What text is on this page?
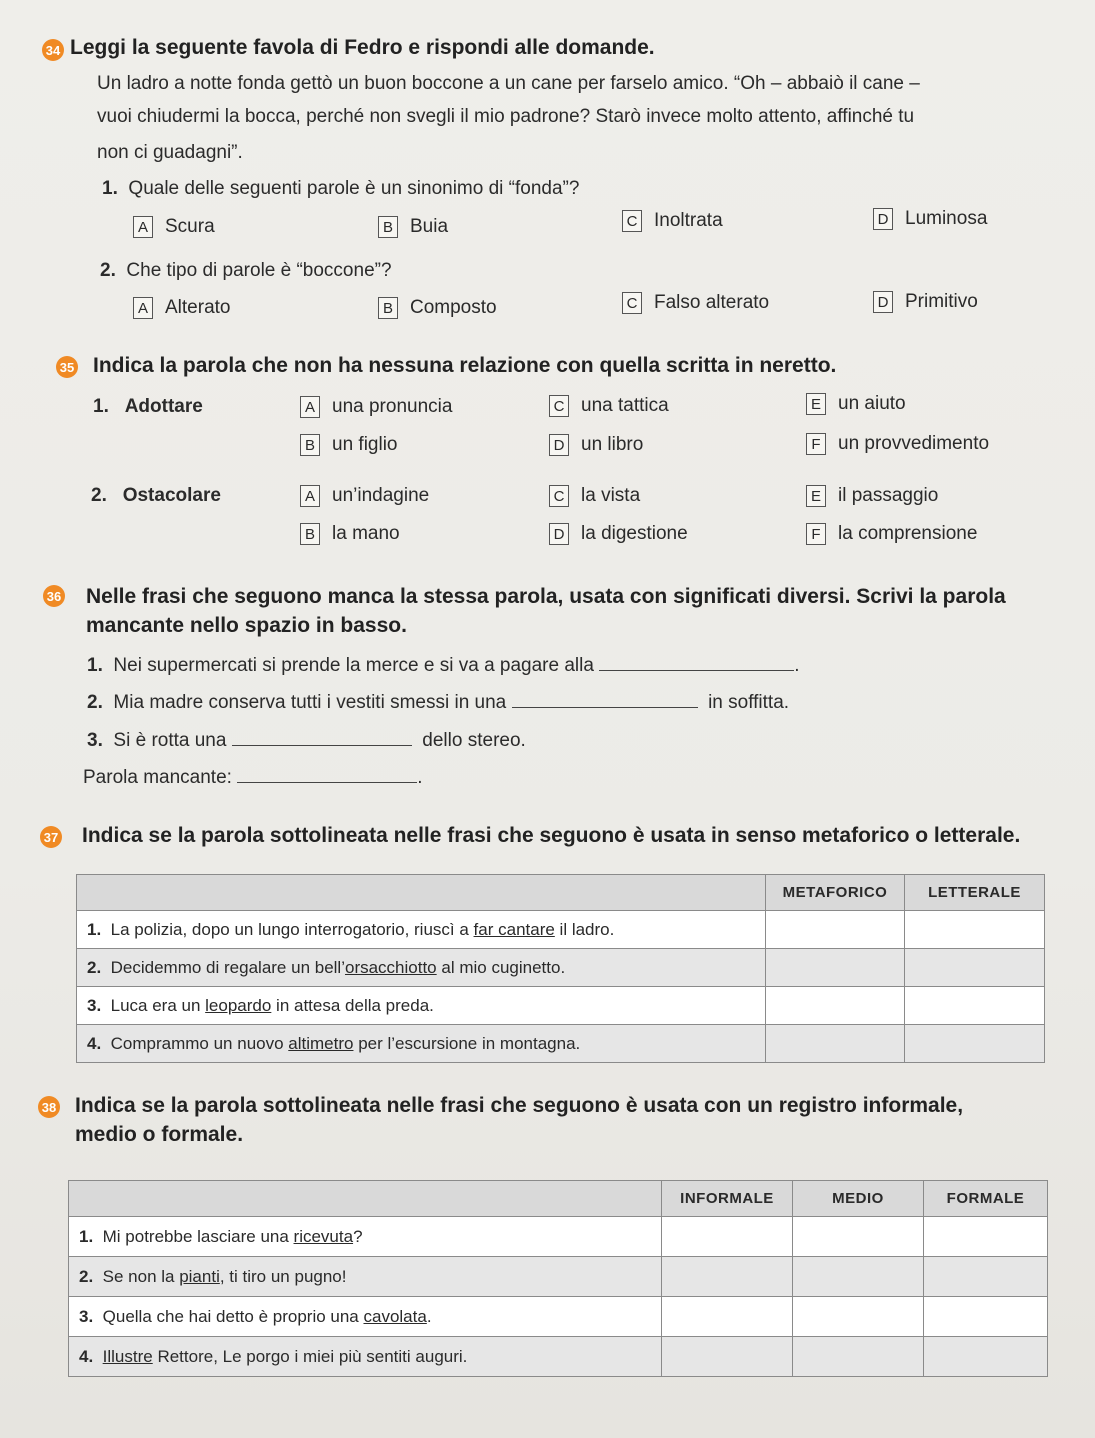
34 Leggi la seguente favola di Fedro e rispondi alle domande.
Un ladro a notte fonda gettò un buon boccone a un cane per farselo amico. “Oh – abbaiò il cane –
vuoi chiudermi la bocca, perché non svegli il mio padrone? Starò invece molto attento, affinché tu
non ci guadagni”.
1. Quale delle seguenti parole è un sinonimo di “fonda”?
A Scura	B Buia	C Inoltrata	D Luminosa
2. Che tipo di parole è “boccone”?
A Alterato	B Composto	C Falso alterato	D Primitivo
35 Indica la parola che non ha nessuna relazione con quella scritta in neretto.
1. Adottare	A una pronuncia	C una tattica	E un aiuto
B un figlio	D un libro	F un provvedimento
2. Ostacolare	A un’indagine	C la vista	E il passaggio
B la mano	D la digestione	F la comprensione
36 Nelle frasi che seguono manca la stessa parola, usata con significati diversi. Scrivi la parola
mancante nello spazio in basso.
1. Nei supermercati si prende la merce e si va a pagare alla	.
2. Mia madre conserva tutti i vestiti smessi in una	in soffitta.
3. Si è rotta una	dello stereo.
Parola mancante:	.
37 Indica se la parola sottolineata nelle frasi che seguono è usata in senso metaforico o letterale.
	METAFORICO	LETTERALE
1. La polizia, dopo un lungo interrogatorio, riuscì a far cantare il ladro.		
2. Decidemmo di regalare un bell’orsacchiotto al mio cuginetto.		
3. Luca era un leopardo in attesa della preda.		
4. Comprammo un nuovo altimetro per l’escursione in montagna.		
38 Indica se la parola sottolineata nelle frasi che seguono è usata con un registro informale,
medio o formale.
	INFORMALE	MEDIO	FORMALE
1. Mi potrebbe lasciare una ricevuta?			
2. Se non la pianti, ti tiro un pugno!			
3. Quella che hai detto è proprio una cavolata.			
4. Illustre Rettore, Le porgo i miei più sentiti auguri.			
